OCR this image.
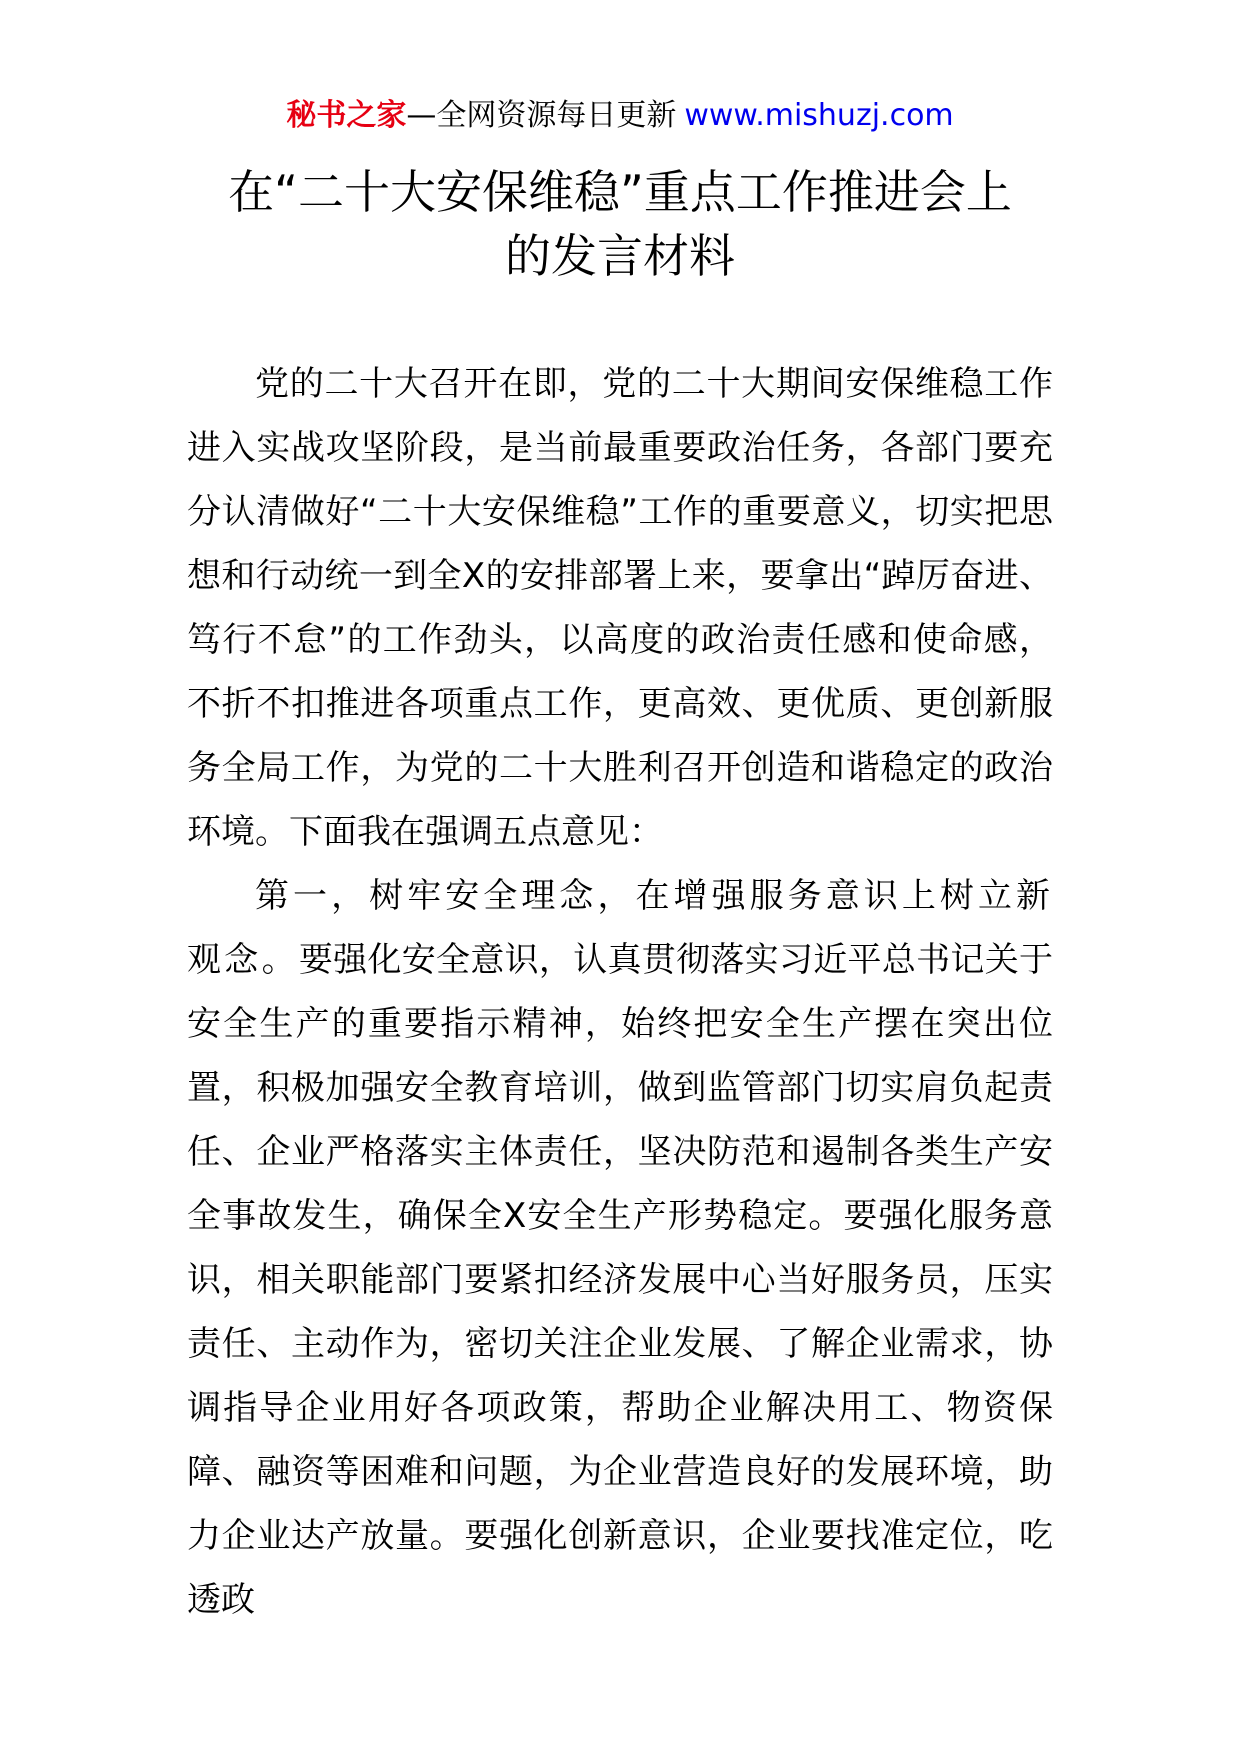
秘书之家—全网资源每日更新 www.mishuzj.com
在“二十大安保维稳”重点工作推进会上
的发言材料

党的二十大召开在即，党的二十大期间安保维稳工作进入实战攻坚阶段，是当前最重要政治任务，各部门要充分认清做好“二十大安保维稳”工作的重要意义，切实把思想和行动统一到全X的安排部署上来，要拿出“踔厉奋进、笃行不怠”的工作劲头，以高度的政治责任感和使命感，不折不扣推进各项重点工作，更高效、更优质、更创新服务全局工作，为党的二十大胜利召开创造和谐稳定的政治环境。下面我在强调五点意见：

第一，树牢安全理念，在增强服务意识上树立新观念。要强化安全意识，认真贯彻落实习近平总书记关于安全生产的重要指示精神，始终把安全生产摆在突出位置，积极加强安全教育培训，做到监管部门切实肩负起责任、企业严格落实主体责任，坚决防范和遏制各类生产安全事故发生，确保全X安全生产形势稳定。要强化服务意识，相关职能部门要紧扣经济发展中心当好服务员，压实责任、主动作为，密切关注企业发展、了解企业需求，协调指导企业用好各项政策，帮助企业解决用工、物资保障、融资等困难和问题，为企业营造良好的发展环境，助力企业达产放量。要强化创新意识，企业要找准定位，吃透政
